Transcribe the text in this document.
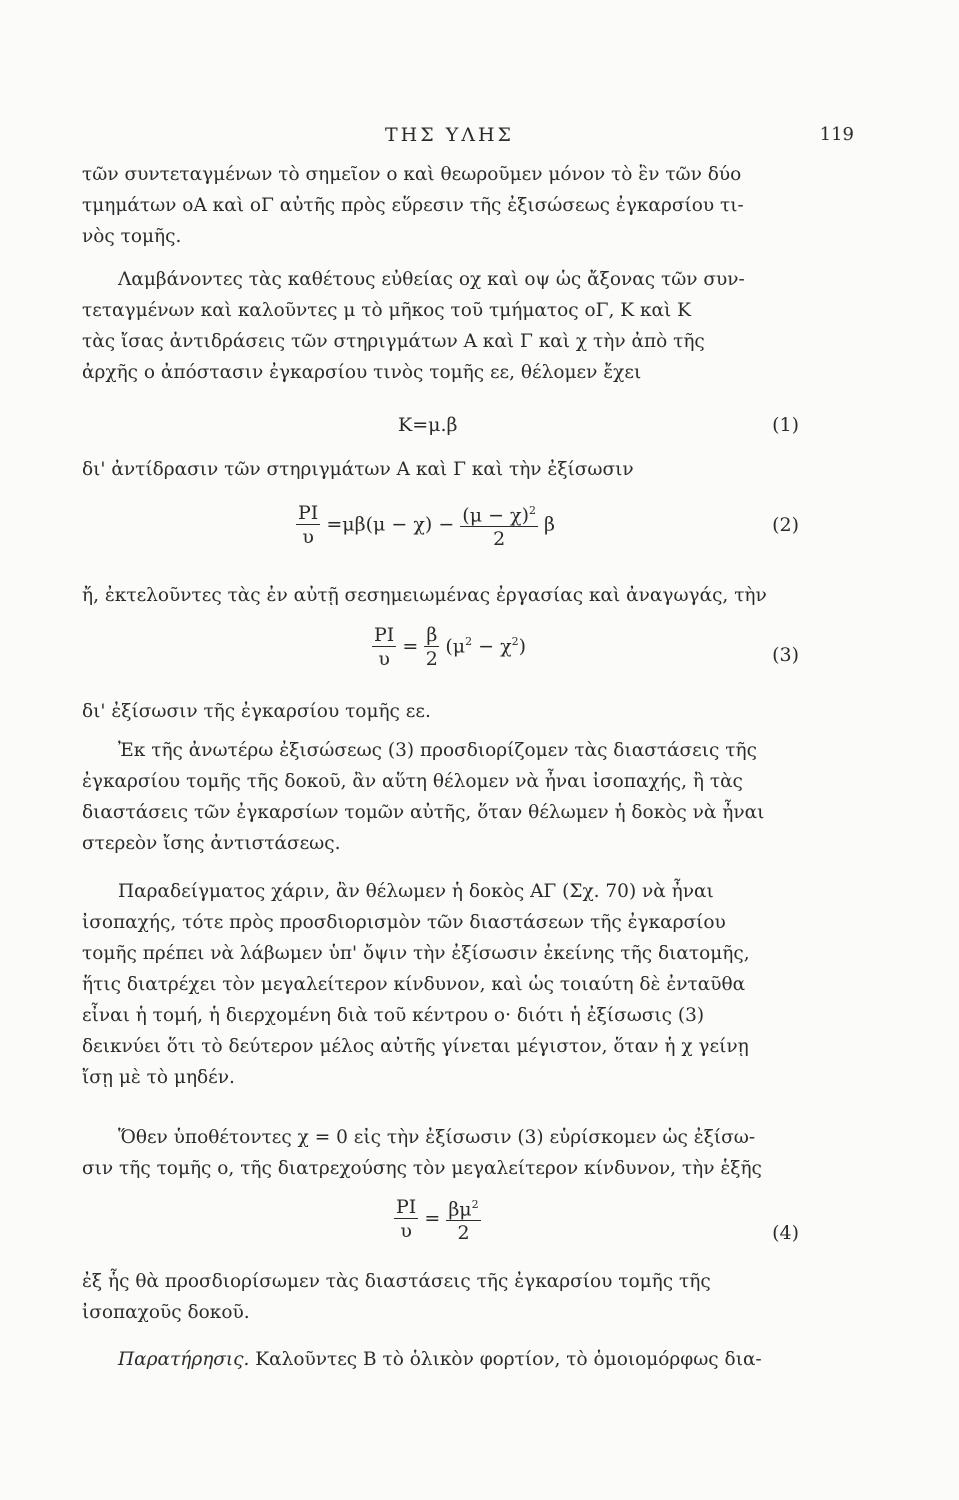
ΤΗΣ ΥΛΗΣ	119
τῶν συντεταγμένων τὸ σημεῖον ο καὶ θεωροῦμεν μόνον τὸ ἓν τῶν δύο
τμημάτων οΑ καὶ οΓ αὐτῆς πρὸς εὕρεσιν τῆς ἐξισώσεως ἐγκαρσίου τι-
νὸς τομῆς.
Λαμβάνοντες τὰς καθέτους εὐθείας οχ καὶ οψ ὡς ἄξονας τῶν συν-
τεταγμένων καὶ καλοῦντες μ τὸ μῆκος τοῦ τμήματος οΓ, Κ καὶ Κ
τὰς ἴσας ἀντιδράσεις τῶν στηριγμάτων Α καὶ Γ καὶ χ τὴν ἀπὸ τῆς
ἀρχῆς ο ἀπόστασιν ἐγκαρσίου τινὸς τομῆς εε, θέλομεν ἔχει
Κ=μ.β	(1)
δι' ἀντίδρασιν τῶν στηριγμάτων Α καὶ Γ καὶ τὴν ἐξίσωσιν
$\frac{PI}{\upsilon} =\mu\beta(\mu - \chi) - \frac{(\mu - \chi)^2}{2}$ β	(2)
ἤ, ἐκτελοῦντες τὰς ἐν αὐτῇ σεσημειωμένας ἐργασίας καὶ ἀναγωγάς, τὴν
$\frac{PI}{\upsilon} = \frac{\beta}{2} (\mu^2 - \chi^2)$	(3)
δι' ἐξίσωσιν τῆς ἐγκαρσίου τομῆς εε.
Ἐκ τῆς ἀνωτέρω ἐξισώσεως (3) προσδιορίζομεν τὰς διαστάσεις τῆς
ἐγκαρσίου τομῆς τῆς δοκοῦ, ἂν αὕτη θέλομεν νὰ ἦναι ἰσοπαχής, ἢ τὰς
διαστάσεις τῶν ἐγκαρσίων τομῶν αὐτῆς, ὅταν θέλωμεν ἡ δοκὸς νὰ ἦναι
στερεὸν ἴσης ἀντιστάσεως.
Παραδείγματος χάριν, ἂν θέλωμεν ἡ δοκὸς ΑΓ (Σχ. 70) νὰ ἦναι
ἰσοπαχής, τότε πρὸς προσδιορισμὸν τῶν διαστάσεων τῆς ἐγκαρσίου
τομῆς πρέπει νὰ λάβωμεν ὑπ' ὄψιν τὴν ἐξίσωσιν ἐκείνης τῆς διατομῆς,
ἥτις διατρέχει τὸν μεγαλείτερον κίνδυνον, καὶ ὡς τοιαύτη δὲ ἐνταῦθα
εἶναι ἡ τομή, ἡ διερχομένη διὰ τοῦ κέντρου ο· διότι ἡ ἐξίσωσις (3)
δεικνύει ὅτι τὸ δεύτερον μέλος αὐτῆς γίνεται μέγιστον, ὅταν ἡ χ γείνῃ
ἴσῃ μὲ τὸ μηδέν.
Ὅθεν ὑποθέτοντες χ = 0 εἰς τὴν ἐξίσωσιν (3) εὑρίσκομεν ὡς ἐξίσω-
σιν τῆς τομῆς ο, τῆς διατρεχούσης τὸν μεγαλείτερον κίνδυνον, τὴν ἑξῆς
$\frac{PI}{\upsilon} = \frac{\beta\mu^2}{2}$	(4)
ἐξ ἧς θὰ προσδιορίσωμεν τὰς διαστάσεις τῆς ἐγκαρσίου τομῆς τῆς
ἰσοπαχοῦς δοκοῦ.
Παρατήρησις. Καλοῦντες Β τὸ ὁλικὸν φορτίον, τὸ ὁμοιομόρφως δια-
